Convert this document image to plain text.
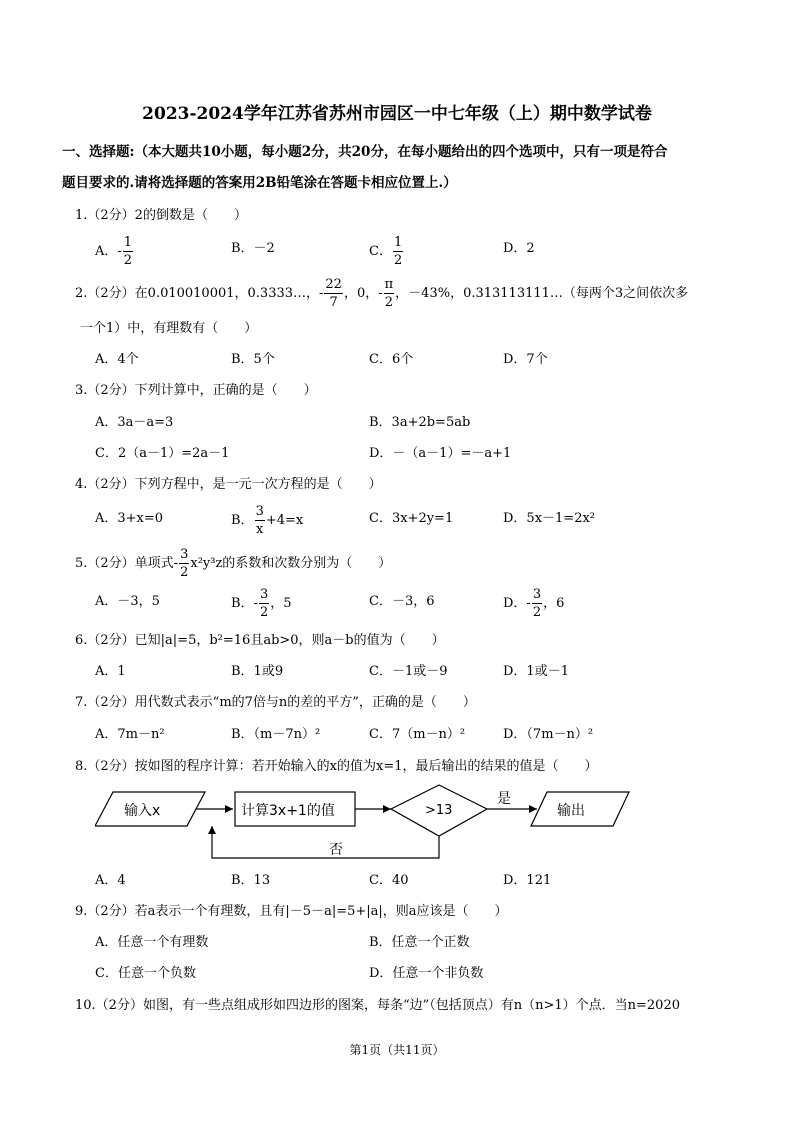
2023-2024学年江苏省苏州市园区一中七年级（上）期中数学试卷
一、选择题:（本大题共10小题，每小题2分，共20分，在每小题给出的四个选项中，只有一项是符合
题目要求的.请将选择题的答案用2B铅笔涂在答题卡相应位置上.）
1.（2分）2的倒数是（　　）
A．- $\frac{1}{2}$	B．－2	C． $\frac{1}{2}$	D．2
2.（2分）在0.010010001，0.3333…，- $\frac{22}{7}$ ，0，- $\frac{\pi}{2}$ ，－43%，0.313113111…（每两个3之间依次多
一个1）中，有理数有（　　）
A．4个	B．5个	C．6个	D．7个
3.（2分）下列计算中，正确的是（　　）
A．3a－a=3	B．3a+2b=5ab
C．2（a－1）=2a－1	D．－（a－1）=－a+1
4.（2分）下列方程中，是一元一次方程的是（　　）
A．3+x=0	B． $\frac{3}{x} +4=x$	C．3x+2y=1	D．5x－1=2x²
5.（2分）单项式- $\frac{3}{2} x^2y^3z$的系数和次数分别为（　　）
A．－3，5	B．- $\frac{3}{2}$ ，5	C．－3，6	D．- $\frac{3}{2}$ ，6
6.（2分）已知|a|=5，b²=16且ab>0，则a－b的值为（　　）
A．1	B．1或9	C．－1或－9	D．1或－1
7.（2分）用代数式表示“m的7倍与n的差的平方”，正确的是（　　）
A．7m－n²	B．（m－7n）²	C．7（m－n）²	D．（7m－n）²
8.（2分）按如图的程序计算：若开始输入的x的值为x=1，最后输出的结果的值是（　　）
输入x	计算3x+1的值	>13
是
输出
否
A．4	B．13	C．40	D．121
9.（2分）若a表示一个有理数，且有|－5－a|=5+|a|，则a应该是（　　）
A．任意一个有理数	B．任意一个正数
C．任意一个负数	D．任意一个非负数
10.（2分）如图，有一些点组成形如四边形的图案，每条“边”（包括顶点）有n（n>1）个点．当n=2020
第1页（共11页）
